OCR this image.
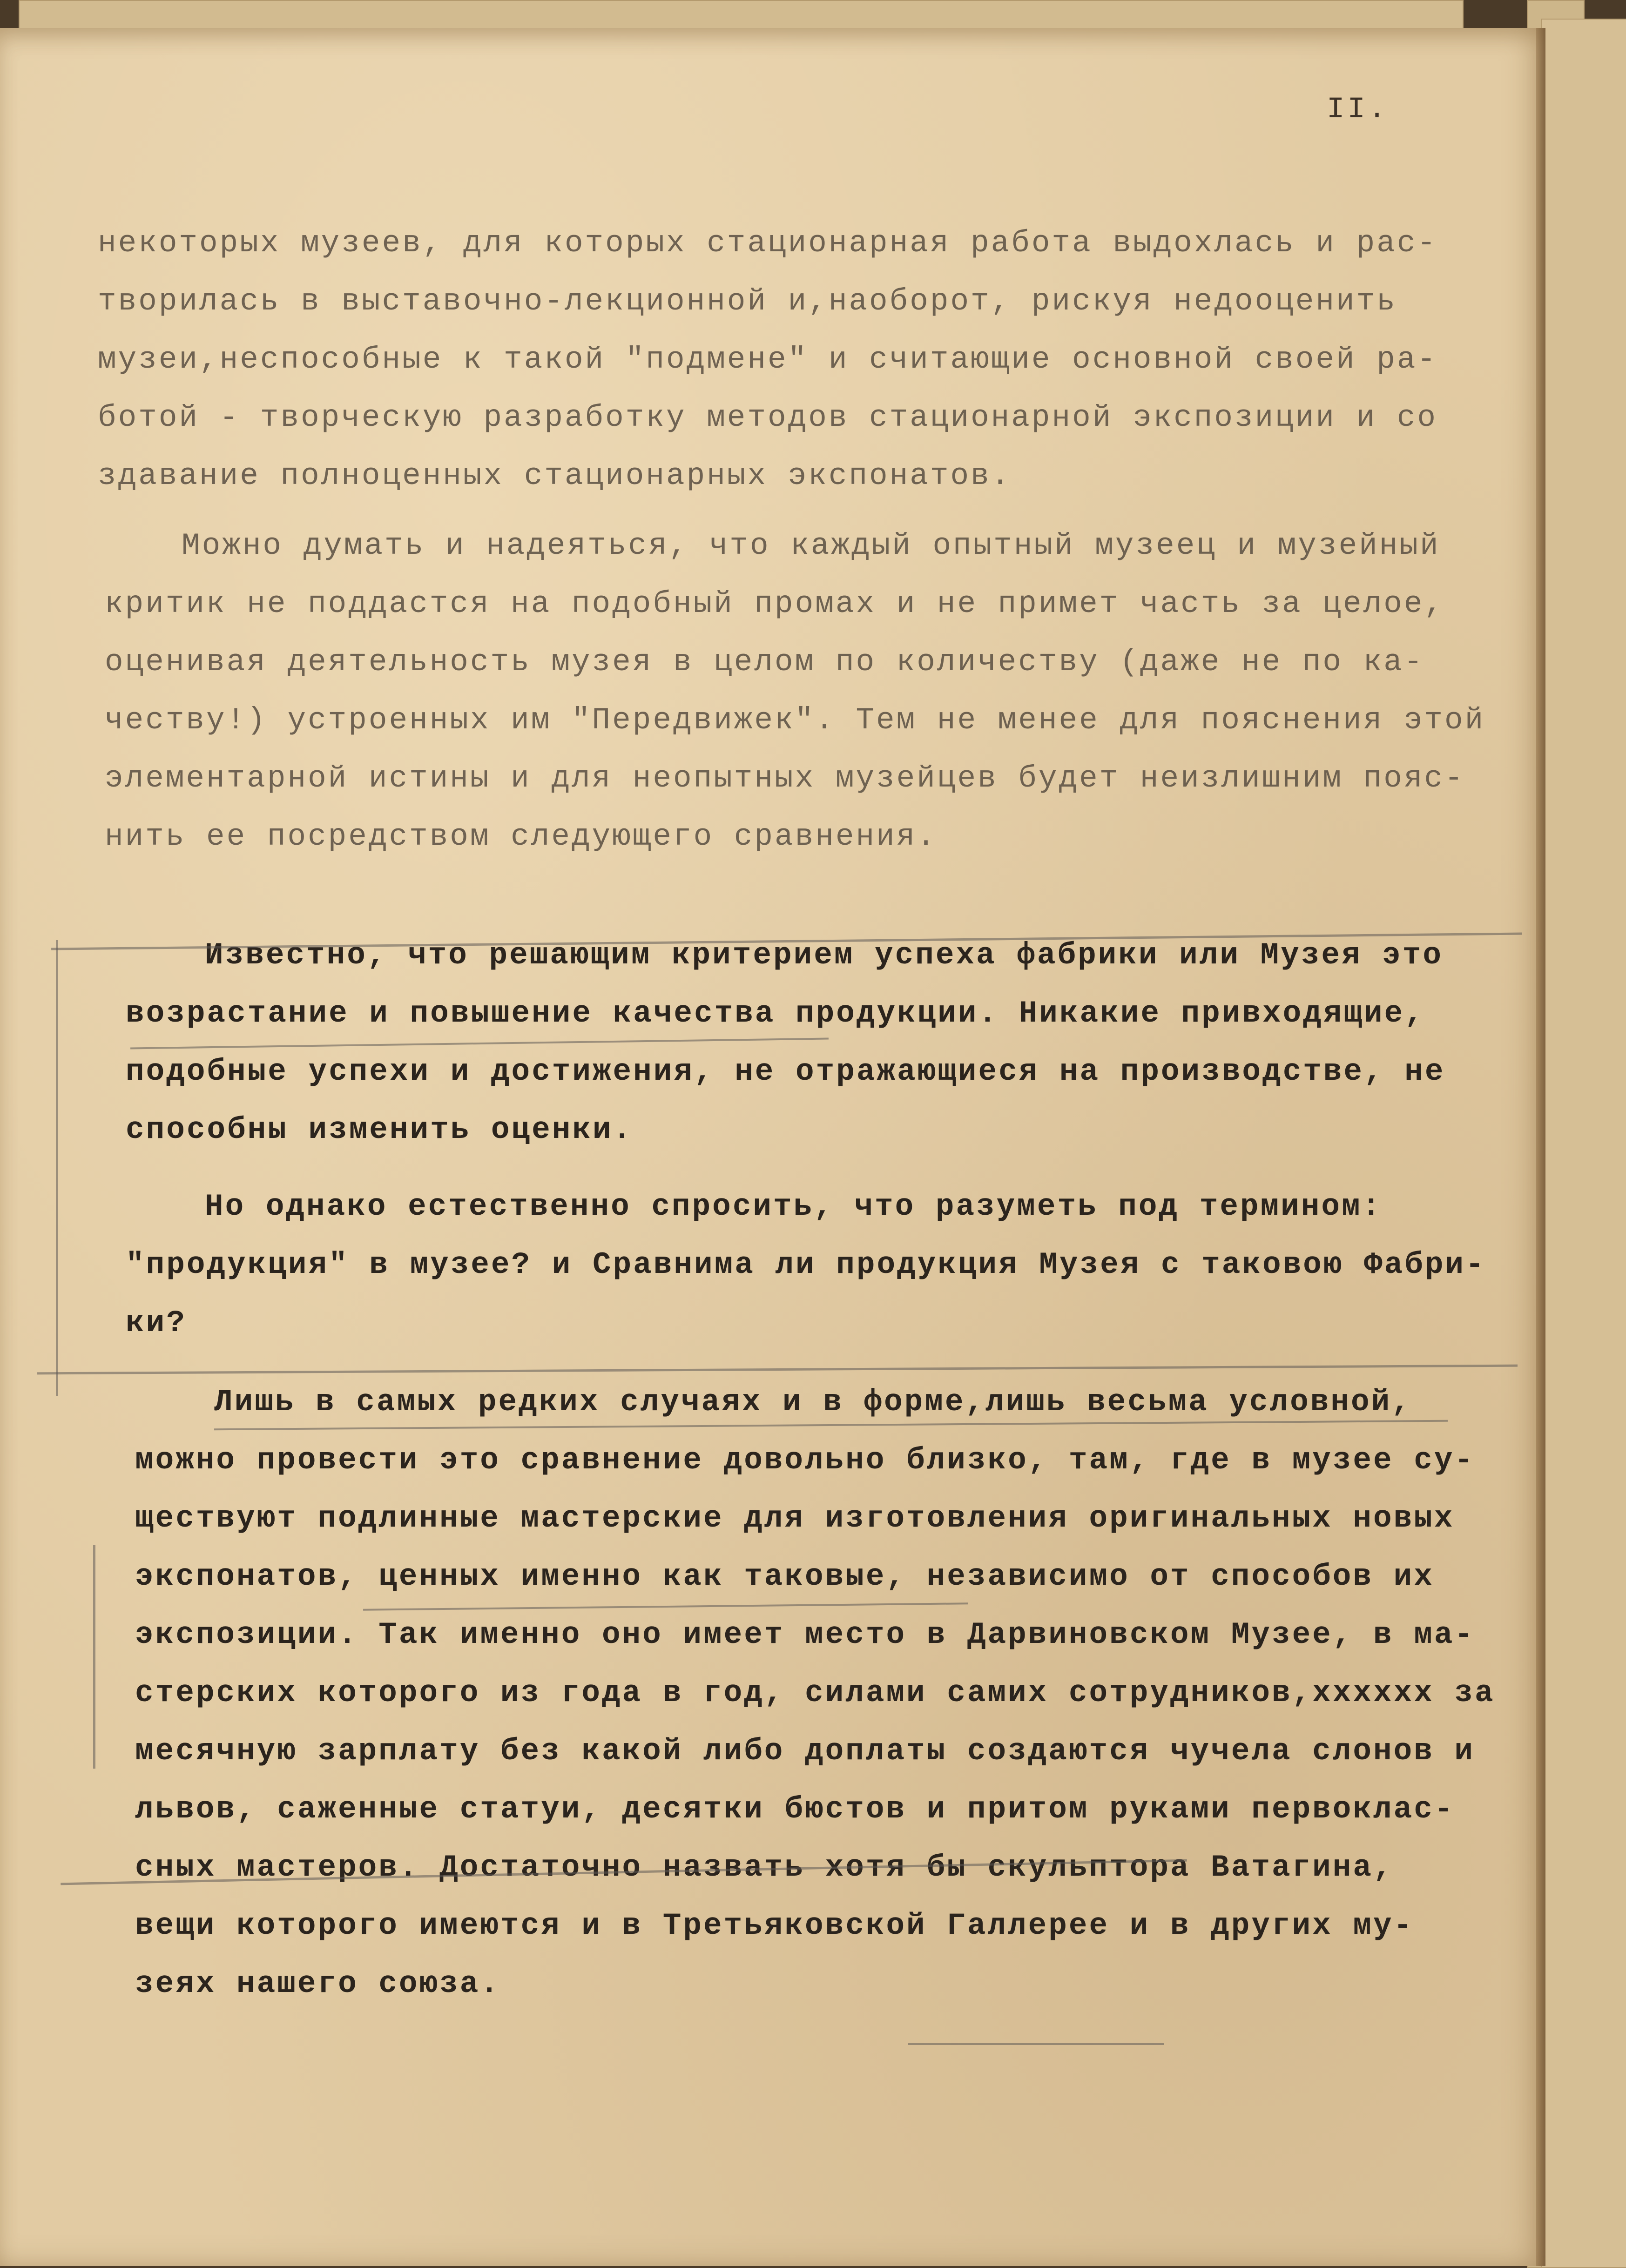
II.
некоторых музеев, для которых стационарная работа выдохлась и рас-
творилась в выставочно-лекционной и,наоборот, рискуя недооценить
музеи,неспособные к такой "подмене" и считающие основной своей ра-
ботой - творческую разработку методов стационарной экспозиции и со
здавание полноценных стационарных экспонатов.
Можно думать и надеяться, что каждый опытный музеец и музейный
критик не поддастся на подобный промах и не примет часть за целое,
оценивая деятельность музея в целом по количеству (даже не по ка-
честву!) устроенных им "Передвижек". Тем не менее для пояснения этой
элементарной истины и для неопытных музейцев будет неизлишним пояс-
нить ее посредством следующего сравнения.
Известно, что решающим критерием успеха фабрики или Музея это
возрастание и повышение качества продукции. Никакие привходящие,
подобные успехи и достижения, не отражающиеся на производстве, не
способны изменить оценки.
Но однако естественно спросить, что разуметь под термином:
"продукция" в музее? и Сравнима ли продукция Музея с таковою Фабри-
ки?
Лишь в самых редких случаях и в форме,лишь весьма условной,
можно провести это сравнение довольно близко, там, где в музее су-
ществуют подлинные мастерские для изготовления оригинальных новых
экспонатов, ценных именно как таковые, независимо от способов их
экспозиции. Так именно оно имеет место в Дарвиновском Музее, в ма-
стерских которого из года в год, силами самих сотрудников,xxxxxx за
месячную зарплату без какой либо доплаты создаются чучела слонов и
львов, саженные статуи, десятки бюстов и притом руками первоклас-
сных мастеров. Достаточно назвать хотя бы скульптора Ватагина,
вещи которого имеются и в Третьяковской Галлерее и в других му-
зеях нашего союза.
